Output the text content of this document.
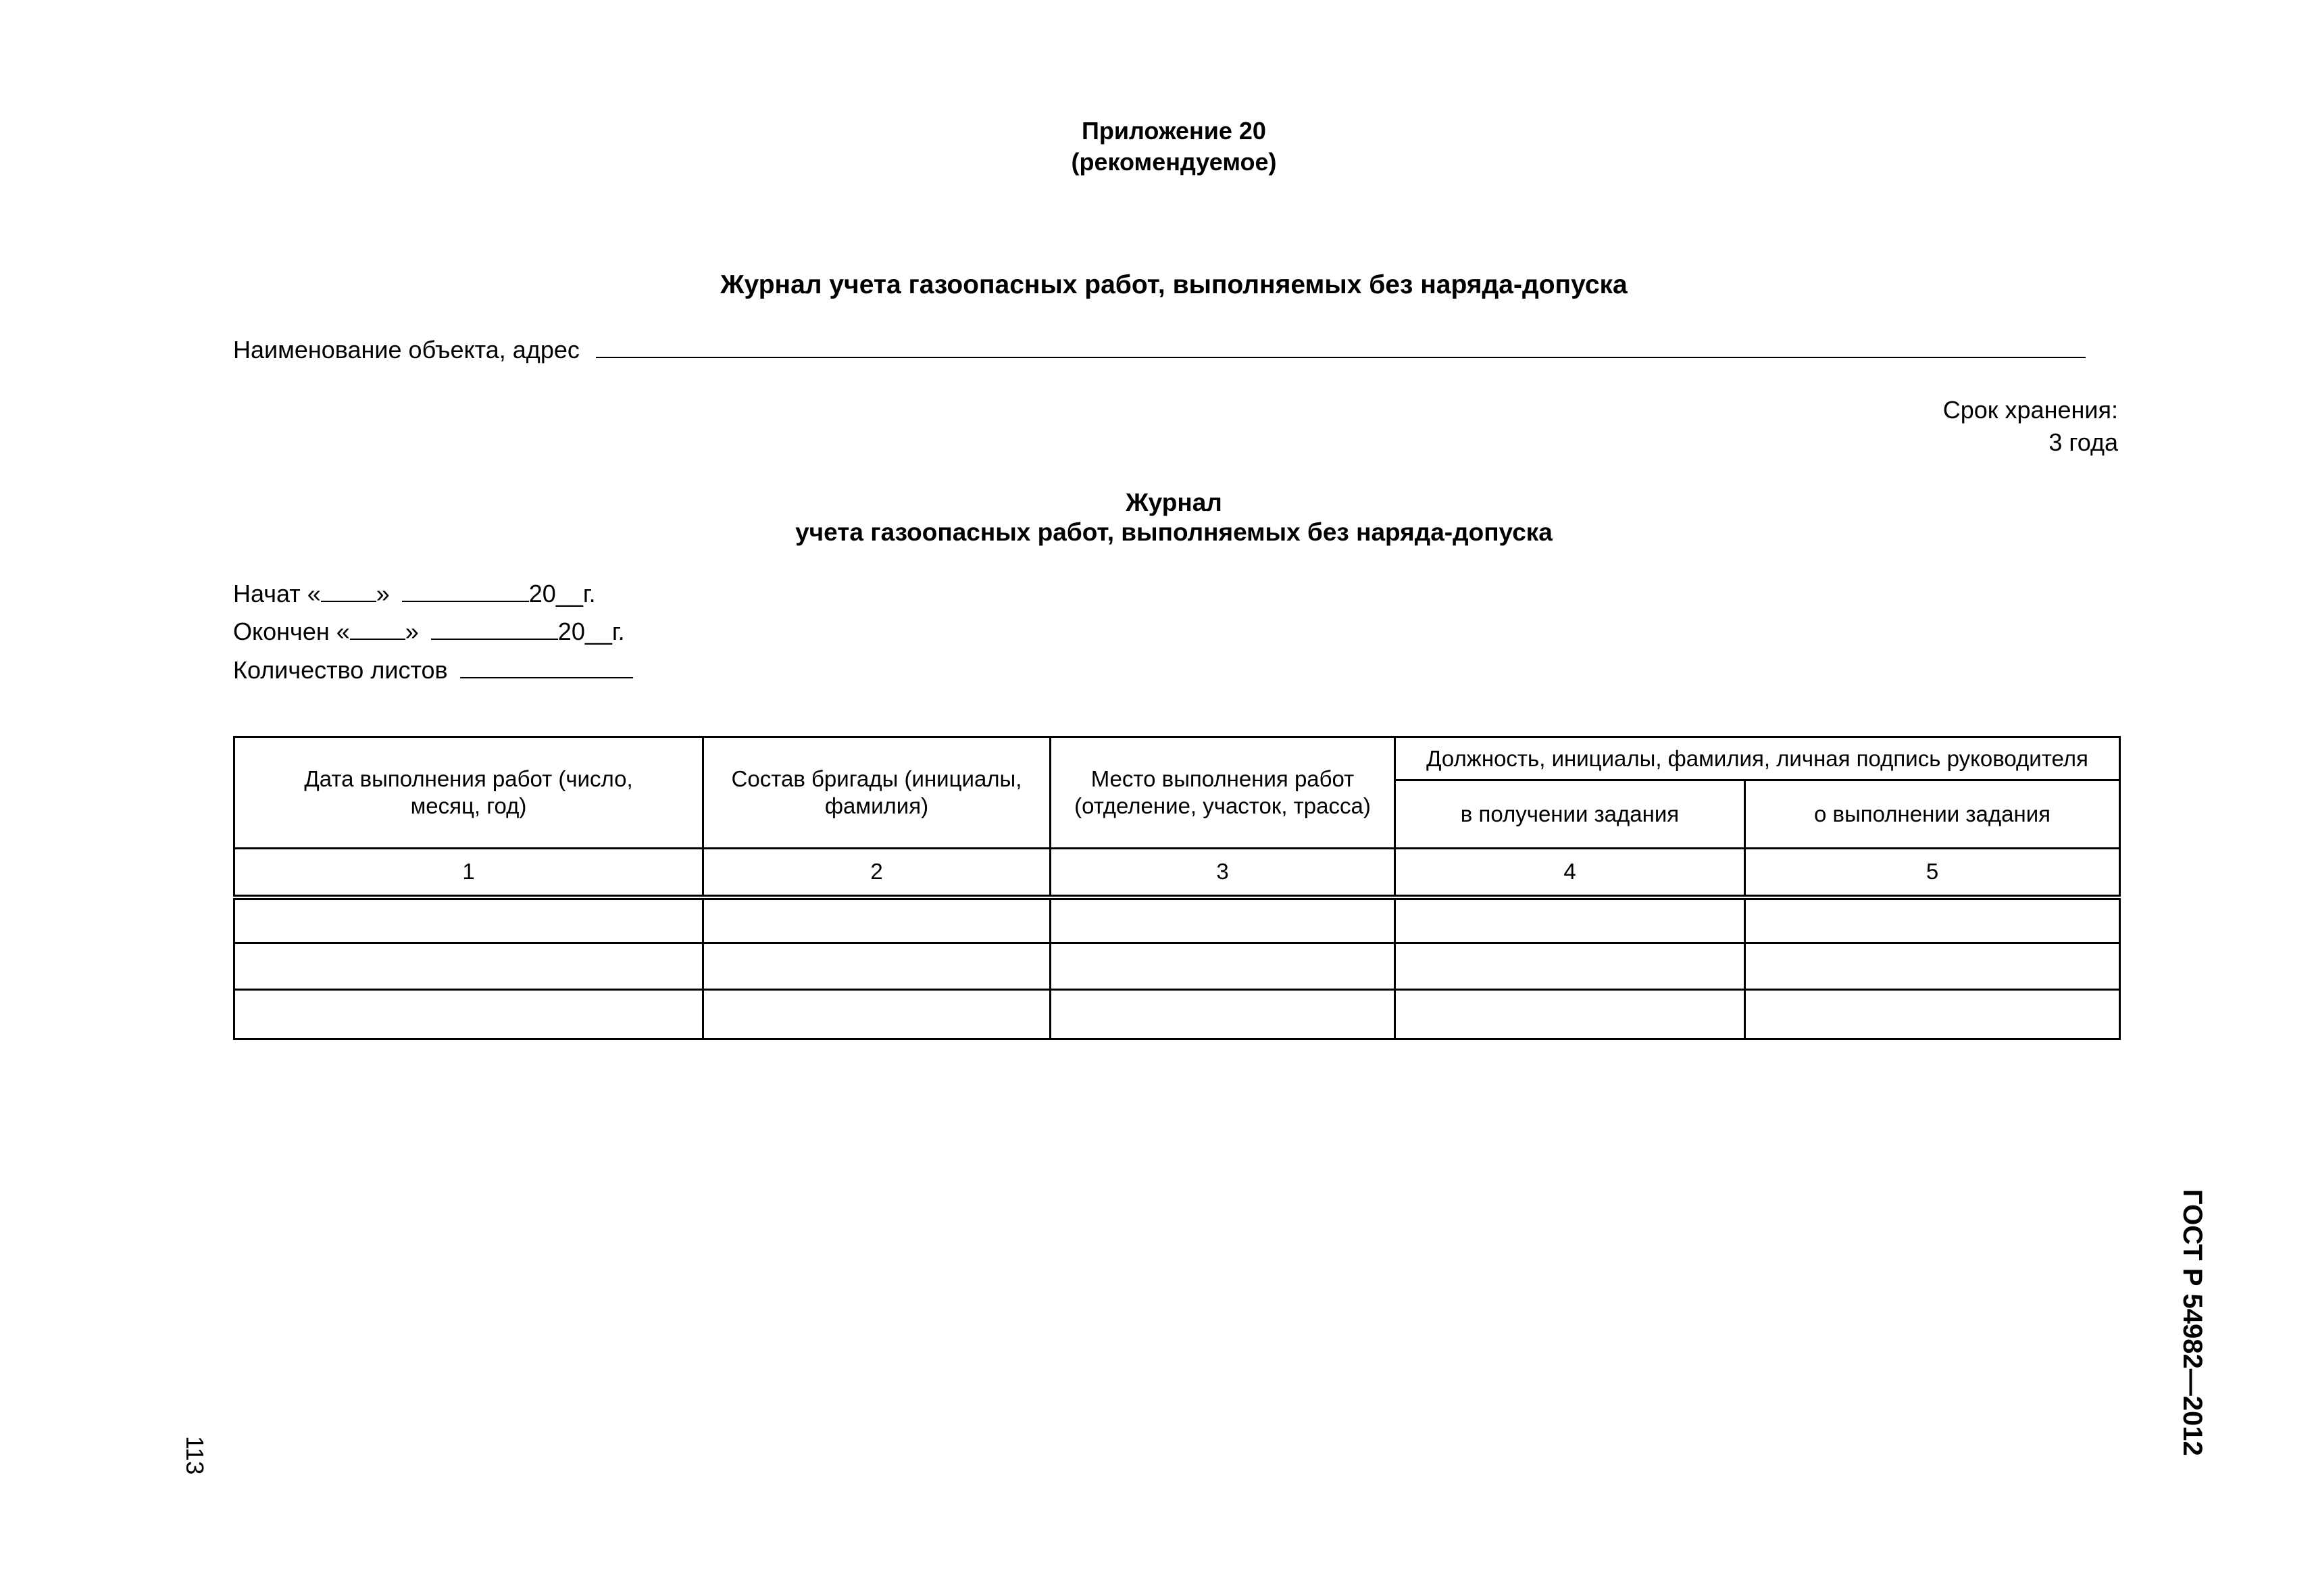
Приложение 20
(рекомендуемое)
Журнал учета газоопасных работ, выполняемых без наряда-допуска
Наименование объекта, адрес
Срок хранения:
3 года
Журнал
учета газоопасных работ, выполняемых без наряда-допуска
Начат « »	20__г.
Окончен « »	20__г.
Количество листов
Дата выполнения работ (число, месяц, год)	Состав бригады (инициалы, фамилия)	Место выполнения работ (отделение, участок, трасса)	Должность, инициалы, фамилия, личная подпись руководителя	
			в получении задания	о выполнении задания
1	2	3	4	5

ГОСТ Р 54982—2012
113
